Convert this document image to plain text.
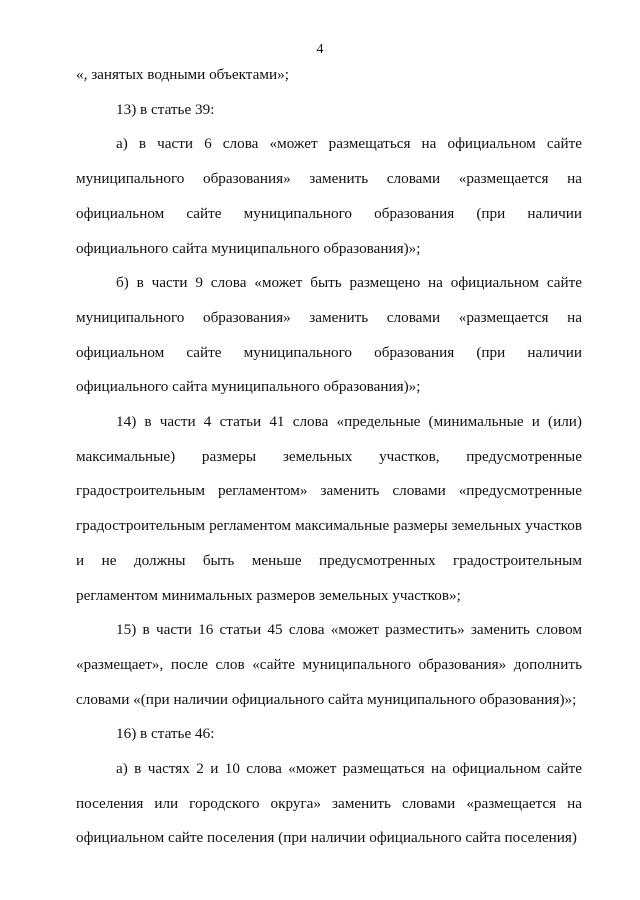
4

«, занятых водными объектами»;

13) в статье 39:

а) в части 6 слова «может размещаться на официальном сайте муниципального образования» заменить словами «размещается на официальном сайте муниципального образования (при наличии официального сайта муниципального образования)»;

б) в части 9 слова «может быть размещено на официальном сайте муниципального образования» заменить словами «размещается на официальном сайте муниципального образования (при наличии официального сайта муниципального образования)»;

14) в части 4 статьи 41 слова «предельные (минимальные и (или) максимальные) размеры земельных участков, предусмотренные градостроительным регламентом» заменить словами «предусмотренные градостроительным регламентом максимальные размеры земельных участков и не должны быть меньше предусмотренных градостроительным регламентом минимальных размеров земельных участков»;

15) в части 16 статьи 45 слова «может разместить» заменить словом «размещает», после слов «сайте муниципального образования» дополнить словами «(при наличии официального сайта муниципального образования)»;

16) в статье 46:

а) в частях 2 и 10 слова «может размещаться на официальном сайте поселения или городского округа» заменить словами «размещается на официальном сайте поселения (при наличии официального сайта поселения)
